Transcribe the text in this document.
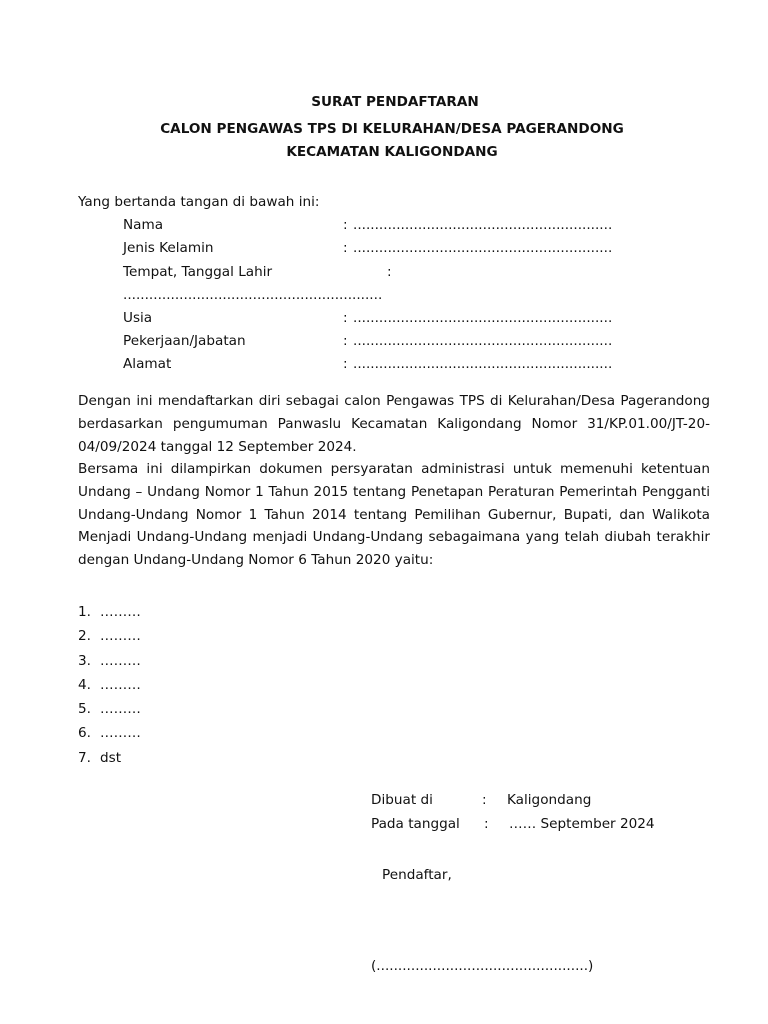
SURAT PENDAFTARAN
CALON PENGAWAS TPS DI KELURAHAN/DESA PAGERANDONG
KECAMATAN KALIGONDANG
Yang bertanda tangan di bawah ini:
Nama	: ............................................................
Jenis Kelamin	: ............................................................
Tempat, Tanggal Lahir	:
............................................................
Usia	: ............................................................
Pekerjaan/Jabatan	: ............................................................
Alamat	: ............................................................
Dengan ini mendaftarkan diri sebagai calon Pengawas TPS di Kelurahan/Desa Pagerandong berdasarkan pengumuman Panwaslu Kecamatan Kaligondang Nomor 31/KP.01.00/JT-20-04/09/2024 tanggal 12 September 2024.
Bersama ini dilampirkan dokumen persyaratan administrasi untuk memenuhi ketentuan Undang – Undang Nomor 1 Tahun 2015 tentang Penetapan Peraturan Pemerintah Pengganti Undang-Undang Nomor 1 Tahun 2014 tentang Pemilihan Gubernur, Bupati, dan Walikota Menjadi Undang-Undang menjadi Undang-Undang sebagaimana yang telah diubah terakhir dengan Undang-Undang Nomor 6 Tahun 2020 yaitu:
1. ………
2. ………
3. ………
4. ………
5. ………
6. ………
7. dst
Dibuat di	: Kaligondang
Pada tanggal : …… September 2024
Pendaftar,
(.................................................)
